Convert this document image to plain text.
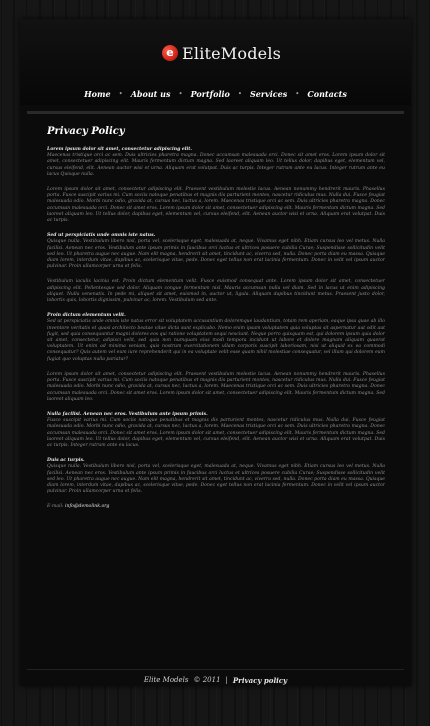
e EliteModels
Home	•	About us	•	Portfolio	•	Services	•	Contacts
Privacy Policy
Lorem ipsum dolor sit amet, consectetur adipiscing elit.
Maecenas tristique orci ac sem. Duis ultricies pharetra magna. Donec accumsan malesuada orci. Donec sit amet eros. Lorem ipsum dolor sit amet, consectetuer adipiscing elit. Mauris fermentum dictum magna. Sed laoreet aliquam leo. Ut tellus dolor, dapibus eget, elementum vel, cursus eleifend, elit. Aenean auctor wisi et urna. Aliquam erat volutpat. Duis ac turpis. Integer rutrum ante eu lacus. Integer rutrum ante eu lacus Quisque nulla.
Lorem ipsum dolor sit amet, consectetur adipiscing elit. Praesent vestibulum molestie lacus. Aenean nonummy hendrerit mauris. Phasellus porta. Fusce suscipit varius mi. Cum sociis natoque penatibus et magnis dis parturient montes, nascetur ridiculus mus. Nulla dui. Fusce feugiat malesuada odio. Morbi nunc odio, gravida at, cursus nec, luctus a, lorem. Maecenas tristique orci ac sem. Duis ultricies pharetra magna. Donec accumsan malesuada orci. Donec sit amet eros. Lorem ipsum dolor sit amet, consectetuer adipiscing elit. Mauris fermentum dictum magna. Sed laoreet aliquam leo. Ut tellus dolor, dapibus eget, elementum vel, cursus eleifend, elit. Aenean auctor wisi et urna. Aliquam erat volutpat. Duis ac turpis.
Sed ut perspiciatis unde omnis iste natus.
Quisque nulla. Vestibulum libero nisl, porta vel, scelerisque eget, malesuada at, neque. Vivamus eget nibh. Etiam cursus leo vel metus. Nulla facilisi. Aenean nec eros. Vestibulum ante ipsum primis in faucibus orci luctus et ultrices posuere cubilia Curae; Suspendisse sollicitudin velit sed leo. Ut pharetra augue nec augue. Nam elit magna, hendrerit sit amet, tincidunt ac, viverra sed, nulla. Donec porta diam eu massa. Quisque diam lorem, interdum vitae, dapibus ac, scelerisque vitae, pede. Donec eget tellus non erat lacinia fermentum. Donec in velit vel ipsum auctor pulvinar. Proin ullamcorper urna et felis.
Vestibulum iaculis lacinia est. Proin dictum elementum velit. Fusce euismod consequat ante. Lorem ipsum dolor sit amet, consectetuer adipiscing elit. Pellentesque sed dolor. Aliquam congue fermentum nisl. Mauris accumsan nulla vel diam. Sed in lacus ut enim adipiscing aliquet. Nulla venenatis. In pede mi, aliquet sit amet, euismod in, auctor ut, ligula. Aliquam dapibus tincidunt metus. Praesent justo dolor, lobortis quis, lobortis dignissim, pulvinar ac, lorem. Vestibulum sed ante.
Proin dictum elementum velit.
Sed ut perspiciatis unde omnis iste natus error sit voluptatem accusantium doloremque laudantium, totam rem aperiam, eaque ipsa quae ab illo inventore veritatis et quasi architecto beatae vitae dicta sunt explicabo. Nemo enim ipsam voluptatem quia voluptas sit aspernatur aut odit aut fugit, sed quia consequuntur magni dolores eos qui ratione voluptatem sequi nesciunt. Neque porro quisquam est, qui dolorem ipsum quia dolor sit amet, consectetur, adipisci velit, sed quia non numquam eius modi tempora incidunt ut labore et dolore magnam aliquam quaerat voluptatem. Ut enim ad minima veniam, quis nostrum exercitationem ullam corporis suscipit laboriosam, nisi ut aliquid ex ea commodi consequatur? Quis autem vel eum iure reprehenderit qui in ea voluptate velit esse quam nihil molestiae consequatur, vel illum qui dolorem eum fugiat quo voluptas nulla pariatur?
Lorem ipsum dolor sit amet, consectetur adipiscing elit. Praesent vestibulum molestie lacus. Aenean nonummy hendrerit mauris. Phasellus porta. Fusce suscipit varius mi. Cum sociis natoque penatibus et magnis dis parturient montes, nascetur ridiculus mus. Nulla dui. Fusce feugiat malesuada odio. Morbi nunc odio, gravida at, cursus nec, luctus a, lorem. Maecenas tristique orci ac sem. Duis ultricies pharetra magna. Donec accumsan malesuada orci. Donec sit amet eros. Lorem ipsum dolor sit amet, consectetuer adipiscing elit. Mauris fermentum dictum magna. Sed laoreet aliquam leo.
Nulla facilisi. Aenean nec eros. Vestibulum ante ipsum primis.
Fusce suscipit varius mi. Cum sociis natoque penatibus et magnis dis parturient montes, nascetur ridiculus mus. Nulla dui. Fusce feugiat malesuada odio. Morbi nunc odio, gravida at, cursus nec, luctus a, lorem. Maecenas tristique orci ac sem. Duis ultricies pharetra magna. Donec accumsan malesuada orci. Donec sit amet eros. Lorem ipsum dolor sit amet, consectetuer adipiscing elit. Mauris fermentum dictum magna. Sed laoreet aliquam leo. Ut tellus dolor, dapibus eget, elementum vel, cursus eleifend, elit. Aenean auctor wisi et urna. Aliquam erat volutpat. Duis ac turpis. Integer rutrum ante eu lacus.
Duis ac turpis.
Quisque nulla. Vestibulum libero nisl, porta vel, scelerisque eget, malesuada at, neque. Vivamus eget nibh. Etiam cursus leo vel metus. Nulla facilisi. Aenean nec eros. Vestibulum ante ipsum primis in faucibus orci luctus et ultrices posuere cubilia Curae; Suspendisse sollicitudin velit sed leo. Ut pharetra augue nec augue. Nam elit magna, hendrerit sit amet, tincidunt ac, viverra sed, nulla. Donec porta diam eu massa. Quisque diam lorem, interdum vitae, dapibus ac, scelerisque vitae, pede. Donec eget tellus non erat lacinia fermentum. Donec in velit vel ipsum auctor pulvinar. Proin ullamcorper urna et felis.
E-mail: info@demolink.org
Elite Models © 2011 | Privacy policy
